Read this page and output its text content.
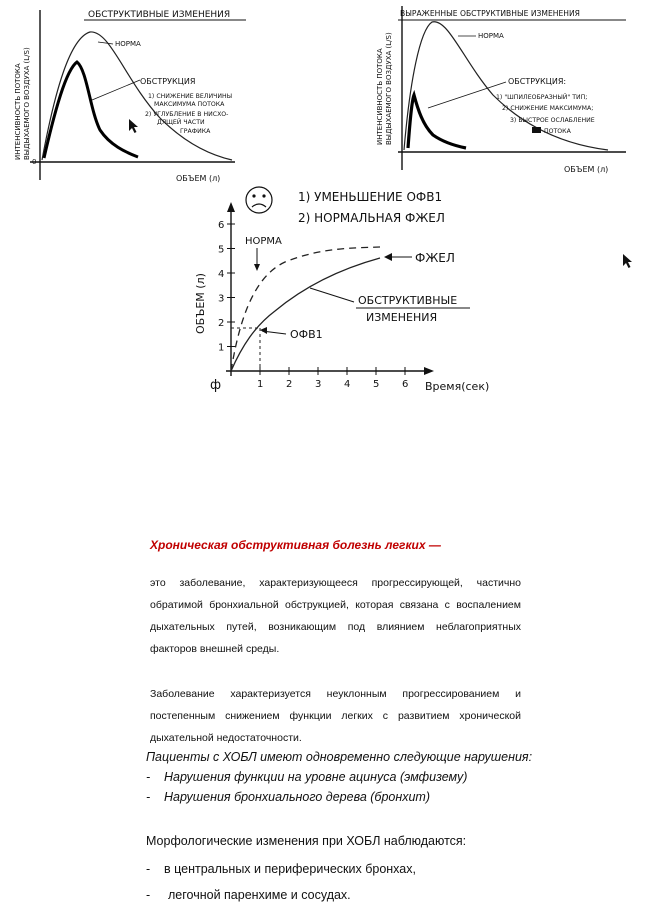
ОБСТРУКТИВНЫЕ ИЗМЕНЕНИЯ
ИНТЕНСИВНОСТЬ ПОТОКА ВЫДЫХАЕМОГО ВОЗДУХА (L/S)
0
ОБЪЕМ (л)
НОРМА
ОБСТРУКЦИЯ
1) СНИЖЕНИЕ ВЕЛИЧИНЫ
МАКСИМУМА ПОТОКА
2) УГЛУБЛЕНИЕ В НИСХО-
ДЯЩЕЙ ЧАСТИ
ГРАФИКА
ВЫРАЖЕННЫЕ ОБСТРУКТИВНЫЕ ИЗМЕНЕНИЯ
ИНТЕНСИВНОСТЬ ПОТОКА ВЫДЫХАЕМОГО ВОЗДУХА (L/S)
ОБЪЕМ (л)
НОРМА
ОБСТРУКЦИЯ:
1) "ШПИЛЕОБРАЗНЫЙ" ТИП;
2) СНИЖЕНИЕ МАКСИМУМА;
3) БЫСТРОЕ ОСЛАБЛЕНИЕ
ПОТОКА
1) УМЕНЬШЕНИЕ ОФВ1
2) НОРМАЛЬНАЯ ФЖЕЛ
1
2
3
4
5
6
1 2 3 4 5 6
ф
ОБЪЕМ (л)
Время(сек)
НОРМА
ФЖЕЛ
ОБСТРУКТИВНЫЕ
ИЗМЕНЕНИЯ
ОФВ1
Хроническая обструктивная болезнь легких —
это заболевание, характеризующееся прогрессирующей, частично обратимой бронхиальной обструкцией, которая связана с воспалением дыхательных путей, возникающим под влиянием неблагоприятных факторов внешней среды.
Заболевание характеризуется неуклонным прогрессированием и постепенным снижением функции легких с развитием хронической дыхательной недостаточности.
Пациенты с ХОБЛ имеют одновременно следующие нарушения:
- Нарушения функции на уровне ацинуса (эмфизему)
- Нарушения бронхиального дерева (бронхит)
Морфологические изменения при ХОБЛ наблюдаются:
- в центральных и периферических бронхах,
- легочной паренхиме и сосудах.
